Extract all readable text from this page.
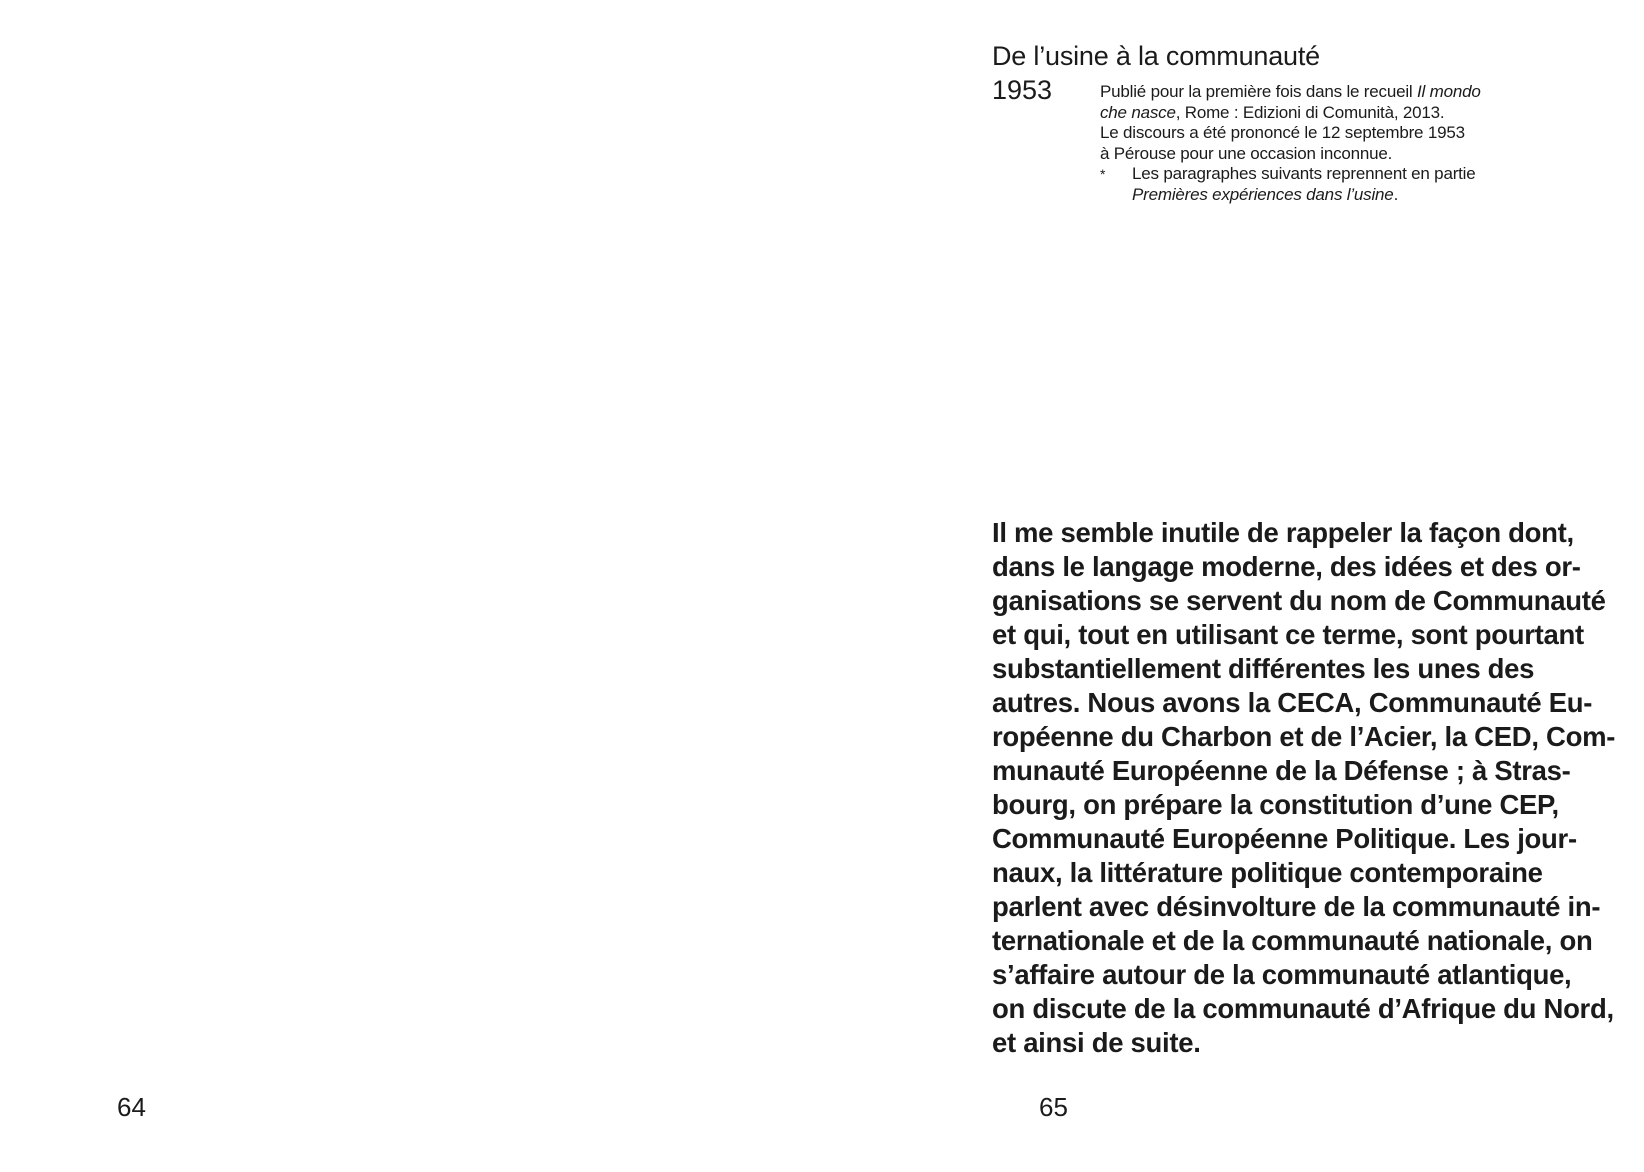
64

De l’usine à la communauté

1953	Publié pour la première fois dans le recueil Il mondo

che nasce, Rome : Edizioni di Comunità, 2013.

Le discours a été prononcé le 12 septembre 1953

à Pérouse pour une occasion inconnue.

*	Les paragraphes suivants reprennent en partie

Premières expériences dans l’usine.

Il me semble inutile de rappeler la façon dont,
dans le langage moderne, des idées et des or-
ganisations se servent du nom de Communauté
et qui, tout en utilisant ce terme, sont pourtant
substantiellement différentes les unes des
autres. Nous avons la CECA, Communauté Eu-
ropéenne du Charbon et de l’Acier, la CED, Com-
munauté Européenne de la Défense ; à Stras-
bourg, on prépare la constitution d’une CEP,
Communauté Européenne Politique. Les jour-
naux, la littérature politique contemporaine
parlent avec désinvolture de la communauté in-
ternationale et de la communauté nationale, on
s’affaire autour de la communauté atlantique,
on discute de la communauté d’Afrique du Nord,
et ainsi de suite.

65
